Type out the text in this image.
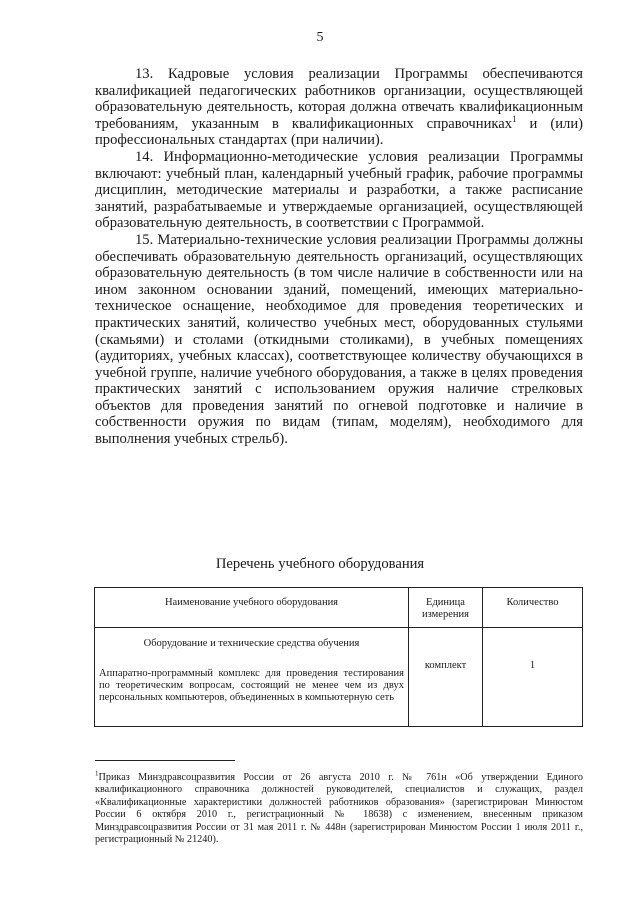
5

13. Кадровые условия реализации Программы обеспечиваются квалификацией педагогических работников организации, осуществляющей образовательную деятельность, которая должна отвечать квалификационным требованиям, указанным в квалификационных справочниках$^1$ и (или) профессиональных стандартах (при наличии).

14. Информационно-методические условия реализации Программы включают: учебный план, календарный учебный график, рабочие программы дисциплин, методические материалы и разработки, а также расписание занятий, разрабатываемые и утверждаемые организацией, осуществляющей образовательную деятельность, в соответствии с Программой.

15. Материально-технические условия реализации Программы должны обеспечивать образовательную деятельность организаций, осуществляющих образовательную деятельность (в том числе наличие в собственности или на ином законном основании зданий, помещений, имеющих материально-техническое оснащение, необходимое для проведения теоретических и практических занятий, количество учебных мест, оборудованных стульями (скамьями) и столами (откидными столиками), в учебных помещениях (аудиториях, учебных классах), соответствующее количеству обучающихся в учебной группе, наличие учебного оборудования, а также в целях проведения практических занятий с использованием оружия наличие стрелковых объектов для проведения занятий по огневой подготовке и наличие в собственности оружия по видам (типам, моделям), необходимого для выполнения учебных стрельб).

Перечень учебного оборудования
Наименование учебного оборудования	Единица измерения	Количество

Оборудование и технические средства обучения

Аппаратно-программный комплекс для проведения тестирования по теоретическим вопросам, состоящий не менее чем из двух персональных компьютеров, объединенных в компьютерную сеть	комплект	1
$^1$Приказ Минздравсоцразвития России от 26 августа 2010 г. № 761н «Об утверждении Единого квалификационного справочника должностей руководителей, специалистов и служащих, раздел «Квалификационные характеристики должностей работников образования» (зарегистрирован Минюстом России 6 октября 2010 г., регистрационный № 18638) с изменением, внесенным приказом Минздравсоцразвития России от 31 мая 2011 г. № 448н (зарегистрирован Минюстом России 1 июля 2011 г., регистрационный № 21240).
